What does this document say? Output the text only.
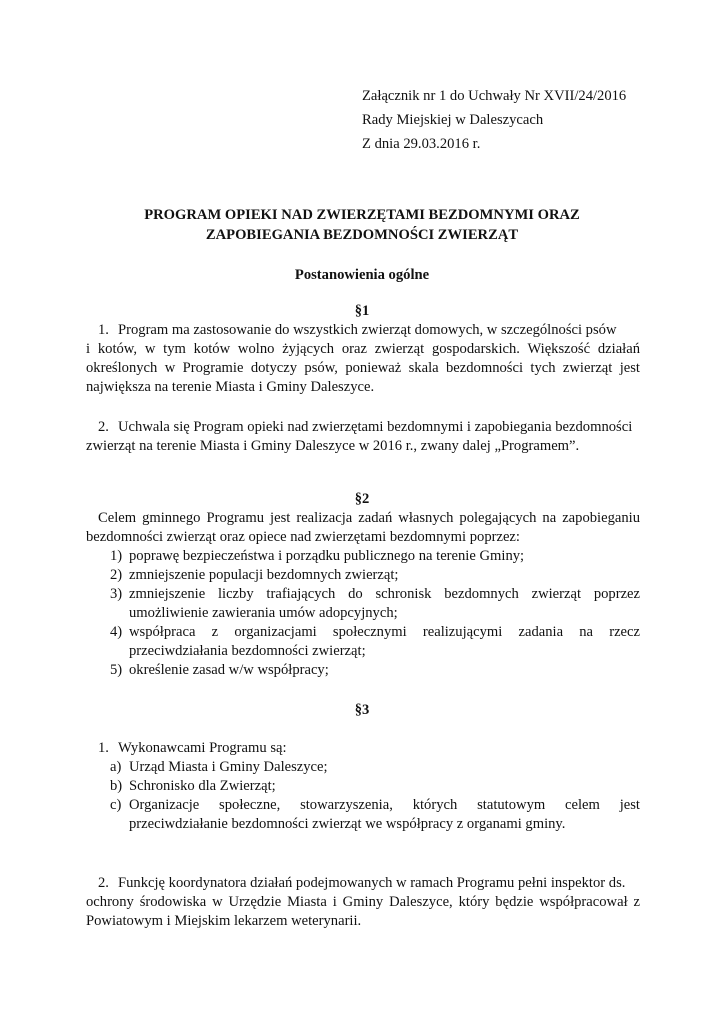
Załącznik nr 1 do Uchwały Nr XVII/24/2016
Rady Miejskiej w Daleszycach
Z dnia 29.03.2016 r.
PROGRAM OPIEKI NAD ZWIERZĘTAMI BEZDOMNYMI ORAZ
ZAPOBIEGANIA BEZDOMNOŚCI ZWIERZĄT
Postanowienia ogólne
§1
1. Program ma zastosowanie do wszystkich zwierząt domowych, w szczególności psów
i kotów, w tym kotów wolno żyjących oraz zwierząt gospodarskich. Większość działań
określonych w Programie dotyczy psów, ponieważ skala bezdomności tych zwierząt jest
największa na terenie Miasta i Gminy Daleszyce.
2. Uchwala się Program opieki nad zwierzętami bezdomnymi i zapobiegania bezdomności
zwierząt na terenie Miasta i Gminy Daleszyce w 2016 r., zwany dalej „Programem”.
§2
Celem gminnego Programu jest realizacja zadań własnych polegających na zapobieganiu
bezdomności zwierząt oraz opiece nad zwierzętami bezdomnymi poprzez:
1) poprawę bezpieczeństwa i porządku publicznego na terenie Gminy;
2) zmniejszenie populacji bezdomnych zwierząt;
3) zmniejszenie liczby trafiających do schronisk bezdomnych zwierząt poprzez
umożliwienie zawierania umów adopcyjnych;
4) współpraca z organizacjami społecznymi realizującymi zadania na rzecz
przeciwdziałania bezdomności zwierząt;
5) określenie zasad w/w współpracy;
§3
1. Wykonawcami Programu są:
a) Urząd Miasta i Gminy Daleszyce;
b) Schronisko dla Zwierząt;
c) Organizacje społeczne, stowarzyszenia, których statutowym celem jest
przeciwdziałanie bezdomności zwierząt we współpracy z organami gminy.
2. Funkcję koordynatora działań podejmowanych w ramach Programu pełni inspektor ds.
ochrony środowiska w Urzędzie Miasta i Gminy Daleszyce, który będzie współpracował z
Powiatowym i Miejskim lekarzem weterynarii.
